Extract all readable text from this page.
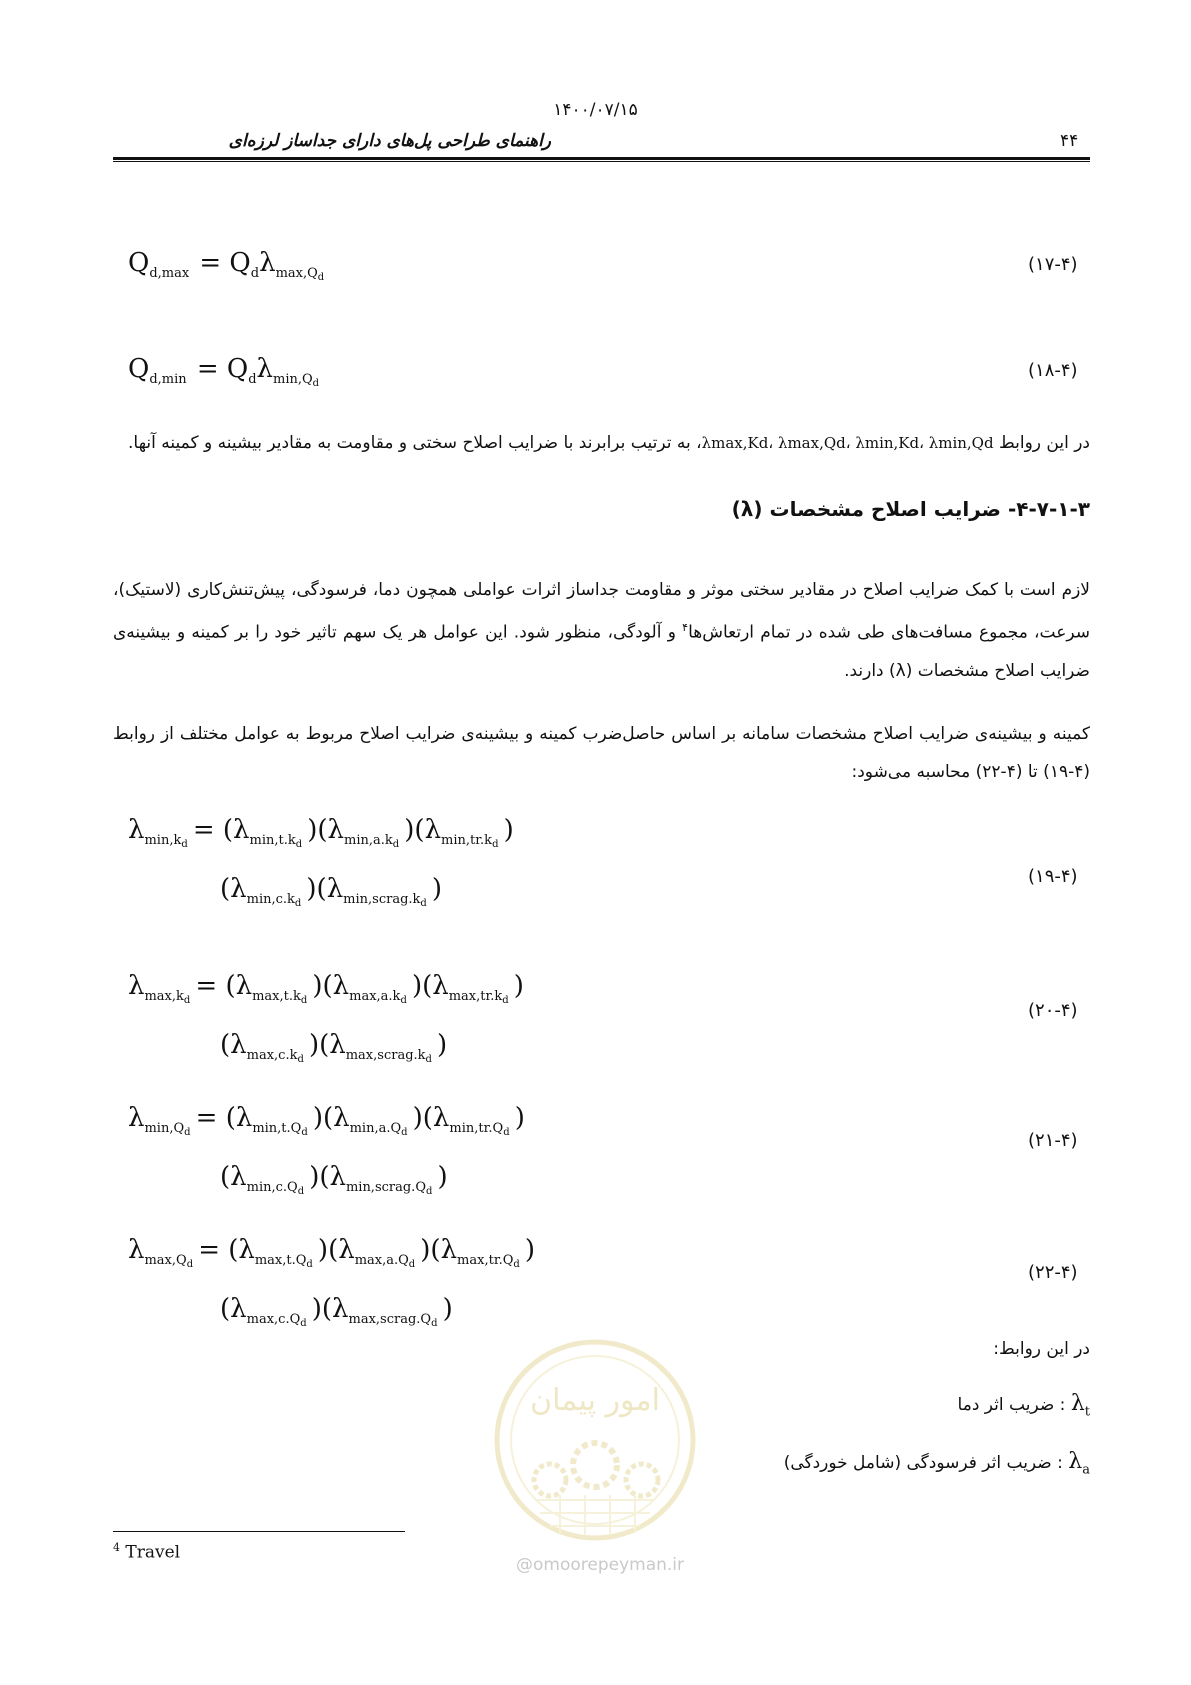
۱۴۰۰/۰۷/۱۵
راهنمای طراحی پل‌های دارای جداساز لرزه‌ای	۴۴
$Q_{d,max} = Q_d\lambda_{max,Q_d}$
(۱۷-۴)
$Q_{d,min} = Q_d\lambda_{min,Q_d}$
(۱۸-۴)
در این روابط λmax,Kd، λmax,Qd، λmin,Kd، λmin,Qd، به ترتیب برابرند با ضرایب اصلاح سختی و مقاومت به مقادیر بیشینه و کمینه آنها.
۴-۷-۱-۳- ضرایب اصلاح مشخصات (λ)
لازم است با کمک ضرایب اصلاح در مقادیر سختی موثر و مقاومت جداساز اثرات عواملی همچون دما، فرسودگی، پیش‌تنش‌کاری (لاستیک)، سرعت، مجموع مسافت‌های طی شده در تمام ارتعاش‌ها$^۴$ و آلودگی، منظور شود. این عوامل هر یک سهم تاثیر خود را بر کمینه و بیشینه‌ی ضرایب اصلاح مشخصات (λ) دارند.
کمینه و بیشینه‌ی ضرایب اصلاح مشخصات سامانه بر اساس حاصل‌ضرب کمینه و بیشینه‌ی ضرایب اصلاح مربوط به عوامل مختلف از روابط (۴-۱۹) تا (۴-۲۲) محاسبه می‌شود:
$\lambda_{min,k_d} = (\lambda_{min,t.k_d}$ )($\lambda_{min,a.k_d}$ )($\lambda_{min,tr.k_d}$ )
($\lambda_{min,c.k_d}$ )($\lambda_{min,scrag.k_d}$ )	(۱۹-۴)
$\lambda_{max,k_d} = (\lambda_{max,t.k_d}$ )($\lambda_{max,a.k_d}$ )($\lambda_{max,tr.k_d}$ )
($\lambda_{max,c.k_d}$ )($\lambda_{max,scrag.k_d}$ )
(۲۰-۴)
$\lambda_{min,Q_d} = (\lambda_{min,t.Q_d}$ )($\lambda_{min,a.Q_d}$ )($\lambda_{min,tr.Q_d}$ )
($\lambda_{min,c.Q_d}$ )($\lambda_{min,scrag.Q_d}$ )
(۲۱-۴)
$\lambda_{max,Q_d} = (\lambda_{max,t.Q_d}$ )($\lambda_{max,a.Q_d}$ )($\lambda_{max,tr.Q_d}$ )
($\lambda_{max,c.Q_d}$ )($\lambda_{max,scrag.Q_d}$ )
(۲۲-۴)
در این روابط:
$\lambda_t$ : ضریب اثر دما
$\lambda_a$ : ضریب اثر فرسودگی (شامل خوردگی)
امور پیمان
@omoorepeyman.ir
$^4$ Travel
